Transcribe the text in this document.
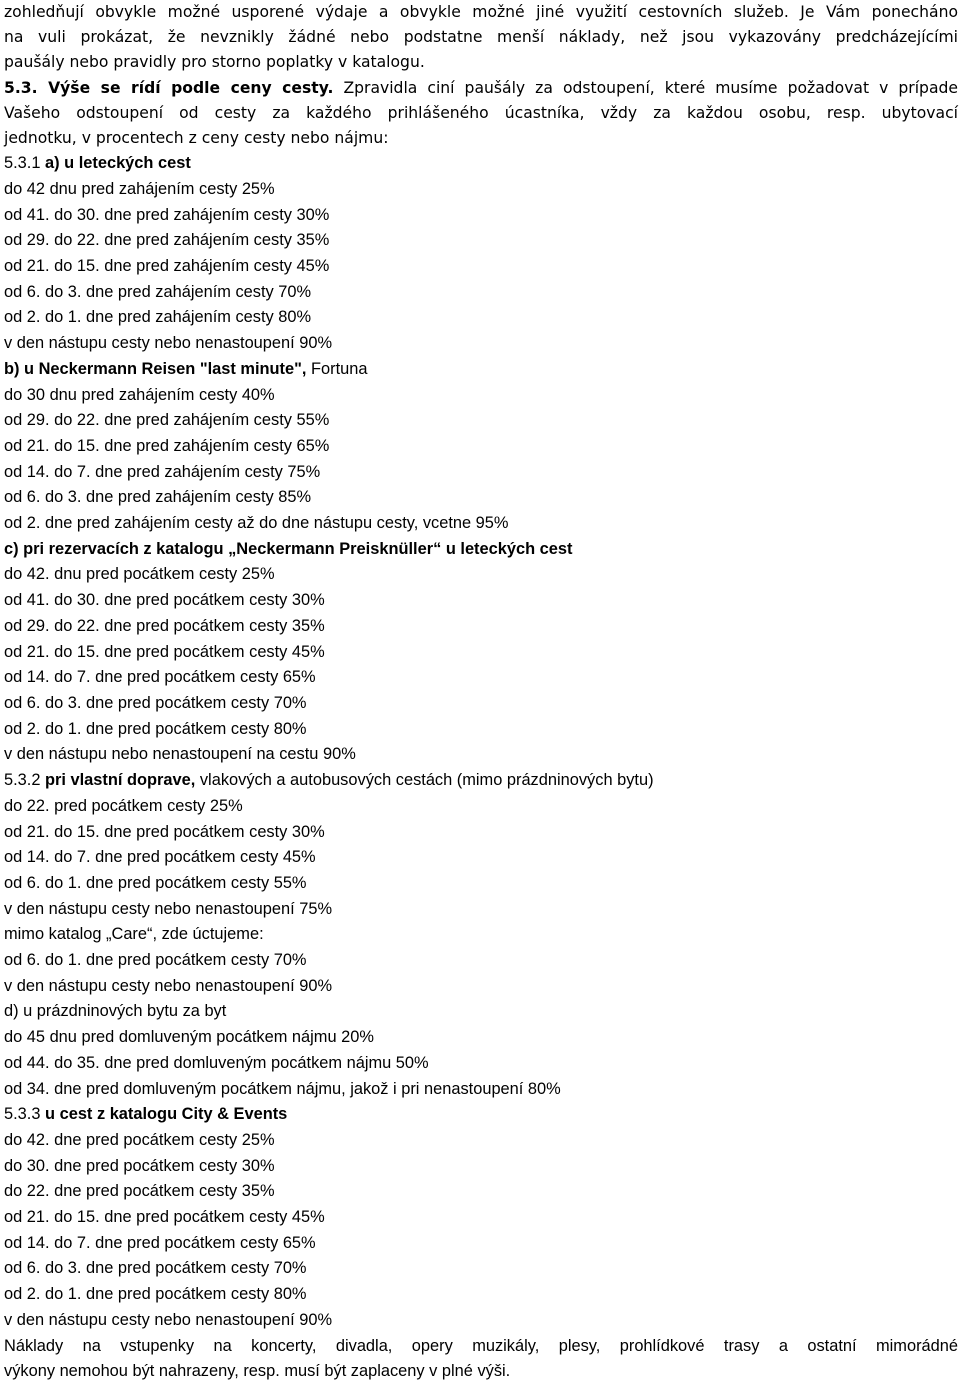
zohledňují obvykle možné usporené výdaje a obvykle možné jiné využití cestovních služeb. Je Vám ponecháno

na vuli prokázat, že nevznikly žádné nebo podstatne menší náklady, než jsou vykazovány predcházejícími

paušály nebo pravidly pro storno poplatky v katalogu.

5.3. Výše se rídí podle ceny cesty. Zpravidla ciní paušály za odstoupení, které musíme požadovat v prípade

Vašeho odstoupení od cesty za každého prihlášeného úcastníka, vždy za každou osobu, resp. ubytovací

jednotku, v procentech z ceny cesty nebo nájmu:

5.3.1 a) u leteckých cest
do 42 dnu pred zahájením cesty 25%
od 41. do 30. dne pred zahájením cesty 30%
od 29. do 22. dne pred zahájením cesty 35%
od 21. do 15. dne pred zahájením cesty 45%
od 6. do 3. dne pred zahájením cesty 70%
od 2. do 1. dne pred zahájením cesty 80%
v den nástupu cesty nebo nenastoupení 90%
b) u Neckermann Reisen "last minute", Fortuna
do 30 dnu pred zahájením cesty 40%
od 29. do 22. dne pred zahájením cesty 55%
od 21. do 15. dne pred zahájením cesty 65%
od 14. do 7. dne pred zahájením cesty 75%
od 6. do 3. dne pred zahájením cesty 85%
od 2. dne pred zahájením cesty až do dne nástupu cesty, vcetne 95%
c) pri rezervacích z katalogu „Neckermann Preisknüller“ u leteckých cest
do 42. dnu pred pocátkem cesty 25%
od 41. do 30. dne pred pocátkem cesty 30%
od 29. do 22. dne pred pocátkem cesty 35%
od 21. do 15. dne pred pocátkem cesty 45%
od 14. do 7. dne pred pocátkem cesty 65%
od 6. do 3. dne pred pocátkem cesty 70%
od 2. do 1. dne pred pocátkem cesty 80%
v den nástupu nebo nenastoupení na cestu 90%
5.3.2 pri vlastní doprave, vlakových a autobusových cestách (mimo prázdninových bytu)
do 22. pred pocátkem cesty 25%
od 21. do 15. dne pred pocátkem cesty 30%
od 14. do 7. dne pred pocátkem cesty 45%
od 6. do 1. dne pred pocátkem cesty 55%
v den nástupu cesty nebo nenastoupení 75%
mimo katalog „Care“, zde úctujeme:
od 6. do 1. dne pred pocátkem cesty 70%
v den nástupu cesty nebo nenastoupení 90%
d) u prázdninových bytu za byt
do 45 dnu pred domluveným pocátkem nájmu 20%
od 44. do 35. dne pred domluveným pocátkem nájmu 50%
od 34. dne pred domluveným pocátkem nájmu, jakož i pri nenastoupení 80%
5.3.3 u cest z katalogu City & Events
do 42. dne pred pocátkem cesty 25%
do 30. dne pred pocátkem cesty 30%
do 22. dne pred pocátkem cesty 35%
od 21. do 15. dne pred pocátkem cesty 45%
od 14. do 7. dne pred pocátkem cesty 65%
od 6. do 3. dne pred pocátkem cesty 70%
od 2. do 1. dne pred pocátkem cesty 80%
v den nástupu cesty nebo nenastoupení 90%
Náklady na vstupenky na koncerty, divadla, opery muzikály, plesy, prohlídkové trasy a ostatní mimorádné
výkony nemohou být nahrazeny, resp. musí být zaplaceny v plné výši.
